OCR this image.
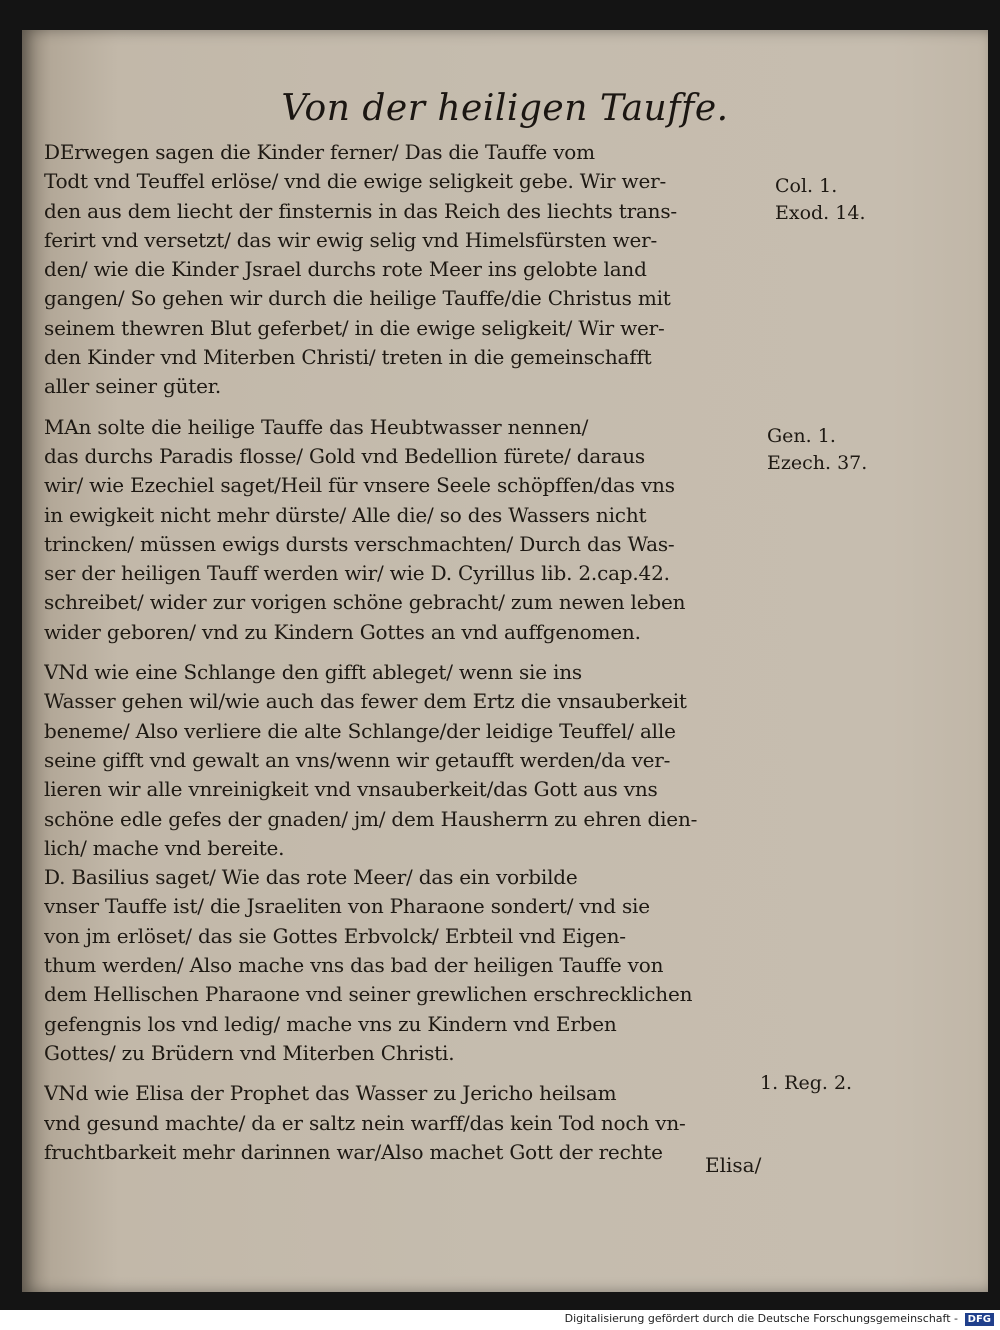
Von der heiligen Tauffe.
DErwegen sagen die Kinder ferner/ Das die Tauffe vom
Todt vnd Teuffel erlöse/ vnd die ewige seligkeit gebe. Wir wer-
den aus dem liecht der finsternis in das Reich des liechts trans-
ferirt vnd versetzt/ das wir ewig selig vnd Himelsfürsten wer-
den/ wie die Kinder Jsrael durchs rote Meer ins gelobte land
gangen/ So gehen wir durch die heilige Tauffe/die Christus mit
seinem thewren Blut geferbet/ in die ewige seligkeit/ Wir wer-
den Kinder vnd Miterben Christi/ treten in die gemeinschafft
aller seiner güter.
MAn solte die heilige Tauffe das Heubtwasser nennen/
das durchs Paradis flosse/ Gold vnd Bedellion fürete/ daraus
wir/ wie Ezechiel saget/Heil für vnsere Seele schöpffen/das vns
in ewigkeit nicht mehr dürste/ Alle die/ so des Wassers nicht
trincken/ müssen ewigs dursts verschmachten/ Durch das Was-
ser der heiligen Tauff werden wir/ wie D. Cyrillus lib. 2.cap.42.
schreibet/ wider zur vorigen schöne gebracht/ zum newen leben
wider geboren/ vnd zu Kindern Gottes an vnd auffgenomen.
VNd wie eine Schlange den gifft ableget/ wenn sie ins
Wasser gehen wil/wie auch das fewer dem Ertz die vnsauberkeit
beneme/ Also verliere die alte Schlange/der leidige Teuffel/ alle
seine gifft vnd gewalt an vns/wenn wir getaufft werden/da ver-
lieren wir alle vnreinigkeit vnd vnsauberkeit/das Gott aus vns
schöne edle gefes der gnaden/ jm/ dem Hausherrn zu ehren dien-
lich/ mache vnd bereite.
D. Basilius saget/ Wie das rote Meer/ das ein vorbilde
vnser Tauffe ist/ die Jsraeliten von Pharaone sondert/ vnd sie
von jm erlöset/ das sie Gottes Erbvolck/ Erbteil vnd Eigen-
thum werden/ Also mache vns das bad der heiligen Tauffe von
dem Hellischen Pharaone vnd seiner grewlichen erschrecklichen
gefengnis los vnd ledig/ mache vns zu Kindern vnd Erben
Gottes/ zu Brüdern vnd Miterben Christi.
VNd wie Elisa der Prophet das Wasser zu Jericho heilsam
vnd gesund machte/ da er saltz nein warff/das kein Tod noch vn-
fruchtbarkeit mehr darinnen war/Also machet Gott der rechte
Elisa/
Col. 1.
Exod. 14.
Gen. 1.
Ezech. 37.
1. Reg. 2.
Digitalisierung gefördert durch die Deutsche Forschungsgemeinschaft - DFG
